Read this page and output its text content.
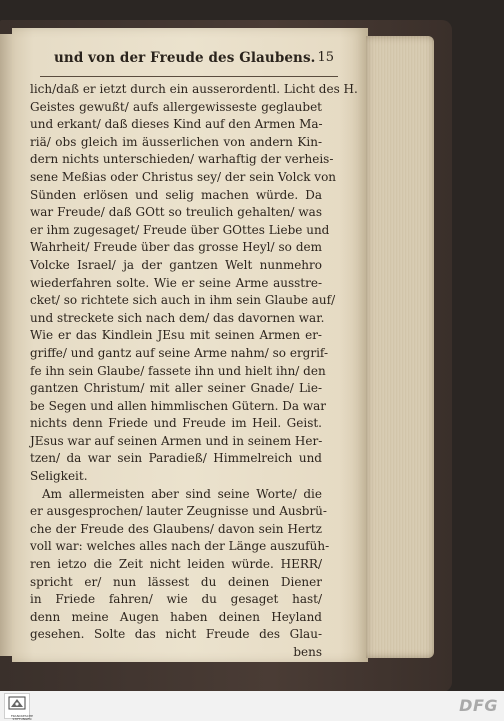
und von der Freude des Glaubens. 15
lich/daß er ietzt durch ein ausserordentl. Licht des H.
Geistes gewußt/ aufs allergewisseste geglaubet
und erkant/ daß dieses Kind auf den Armen Ma-
riä/ obs gleich im äusserlichen von andern Kin-
dern nichts unterschieden/ warhaftig der verheis-
sene Meßias oder Christus sey/ der sein Volck von
Sünden erlösen und selig machen würde. Da
war Freude/ daß GOtt so treulich gehalten/ was
er ihm zugesaget/ Freude über GOttes Liebe und
Wahrheit/ Freude über das grosse Heyl/ so dem
Volcke Israel/ ja der gantzen Welt nunmehro
wiederfahren solte. Wie er seine Arme ausstre-
cket/ so richtete sich auch in ihm sein Glaube auf/
und streckete sich nach dem/ das davornen war.
Wie er das Kindlein JEsu mit seinen Armen er-
griffe/ und gantz auf seine Arme nahm/ so ergrif-
fe ihn sein Glaube/ fassete ihn und hielt ihn/ den
gantzen Christum/ mit aller seiner Gnade/ Lie-
be Segen und allen himmlischen Gütern. Da war
nichts denn Friede und Freude im Heil. Geist.
JEsus war auf seinen Armen und in seinem Her-
tzen/ da war sein Paradieß/ Himmelreich und
Seligkeit.
Am allermeisten aber sind seine Worte/ die
er ausgesprochen/ lauter Zeugnisse und Ausbrü-
che der Freude des Glaubens/ davon sein Hertz
voll war: welches alles nach der Länge auszufüh-
ren ietzo die Zeit nicht leiden würde. HERR/
spricht er/ nun lässest du deinen Diener
in Friede fahren/ wie du gesaget hast/
denn meine Augen haben deinen Heyland
gesehen. Solte das nicht Freude des Glau-
bens
FRANCKESCHE STIFTUNGEN
DFG
